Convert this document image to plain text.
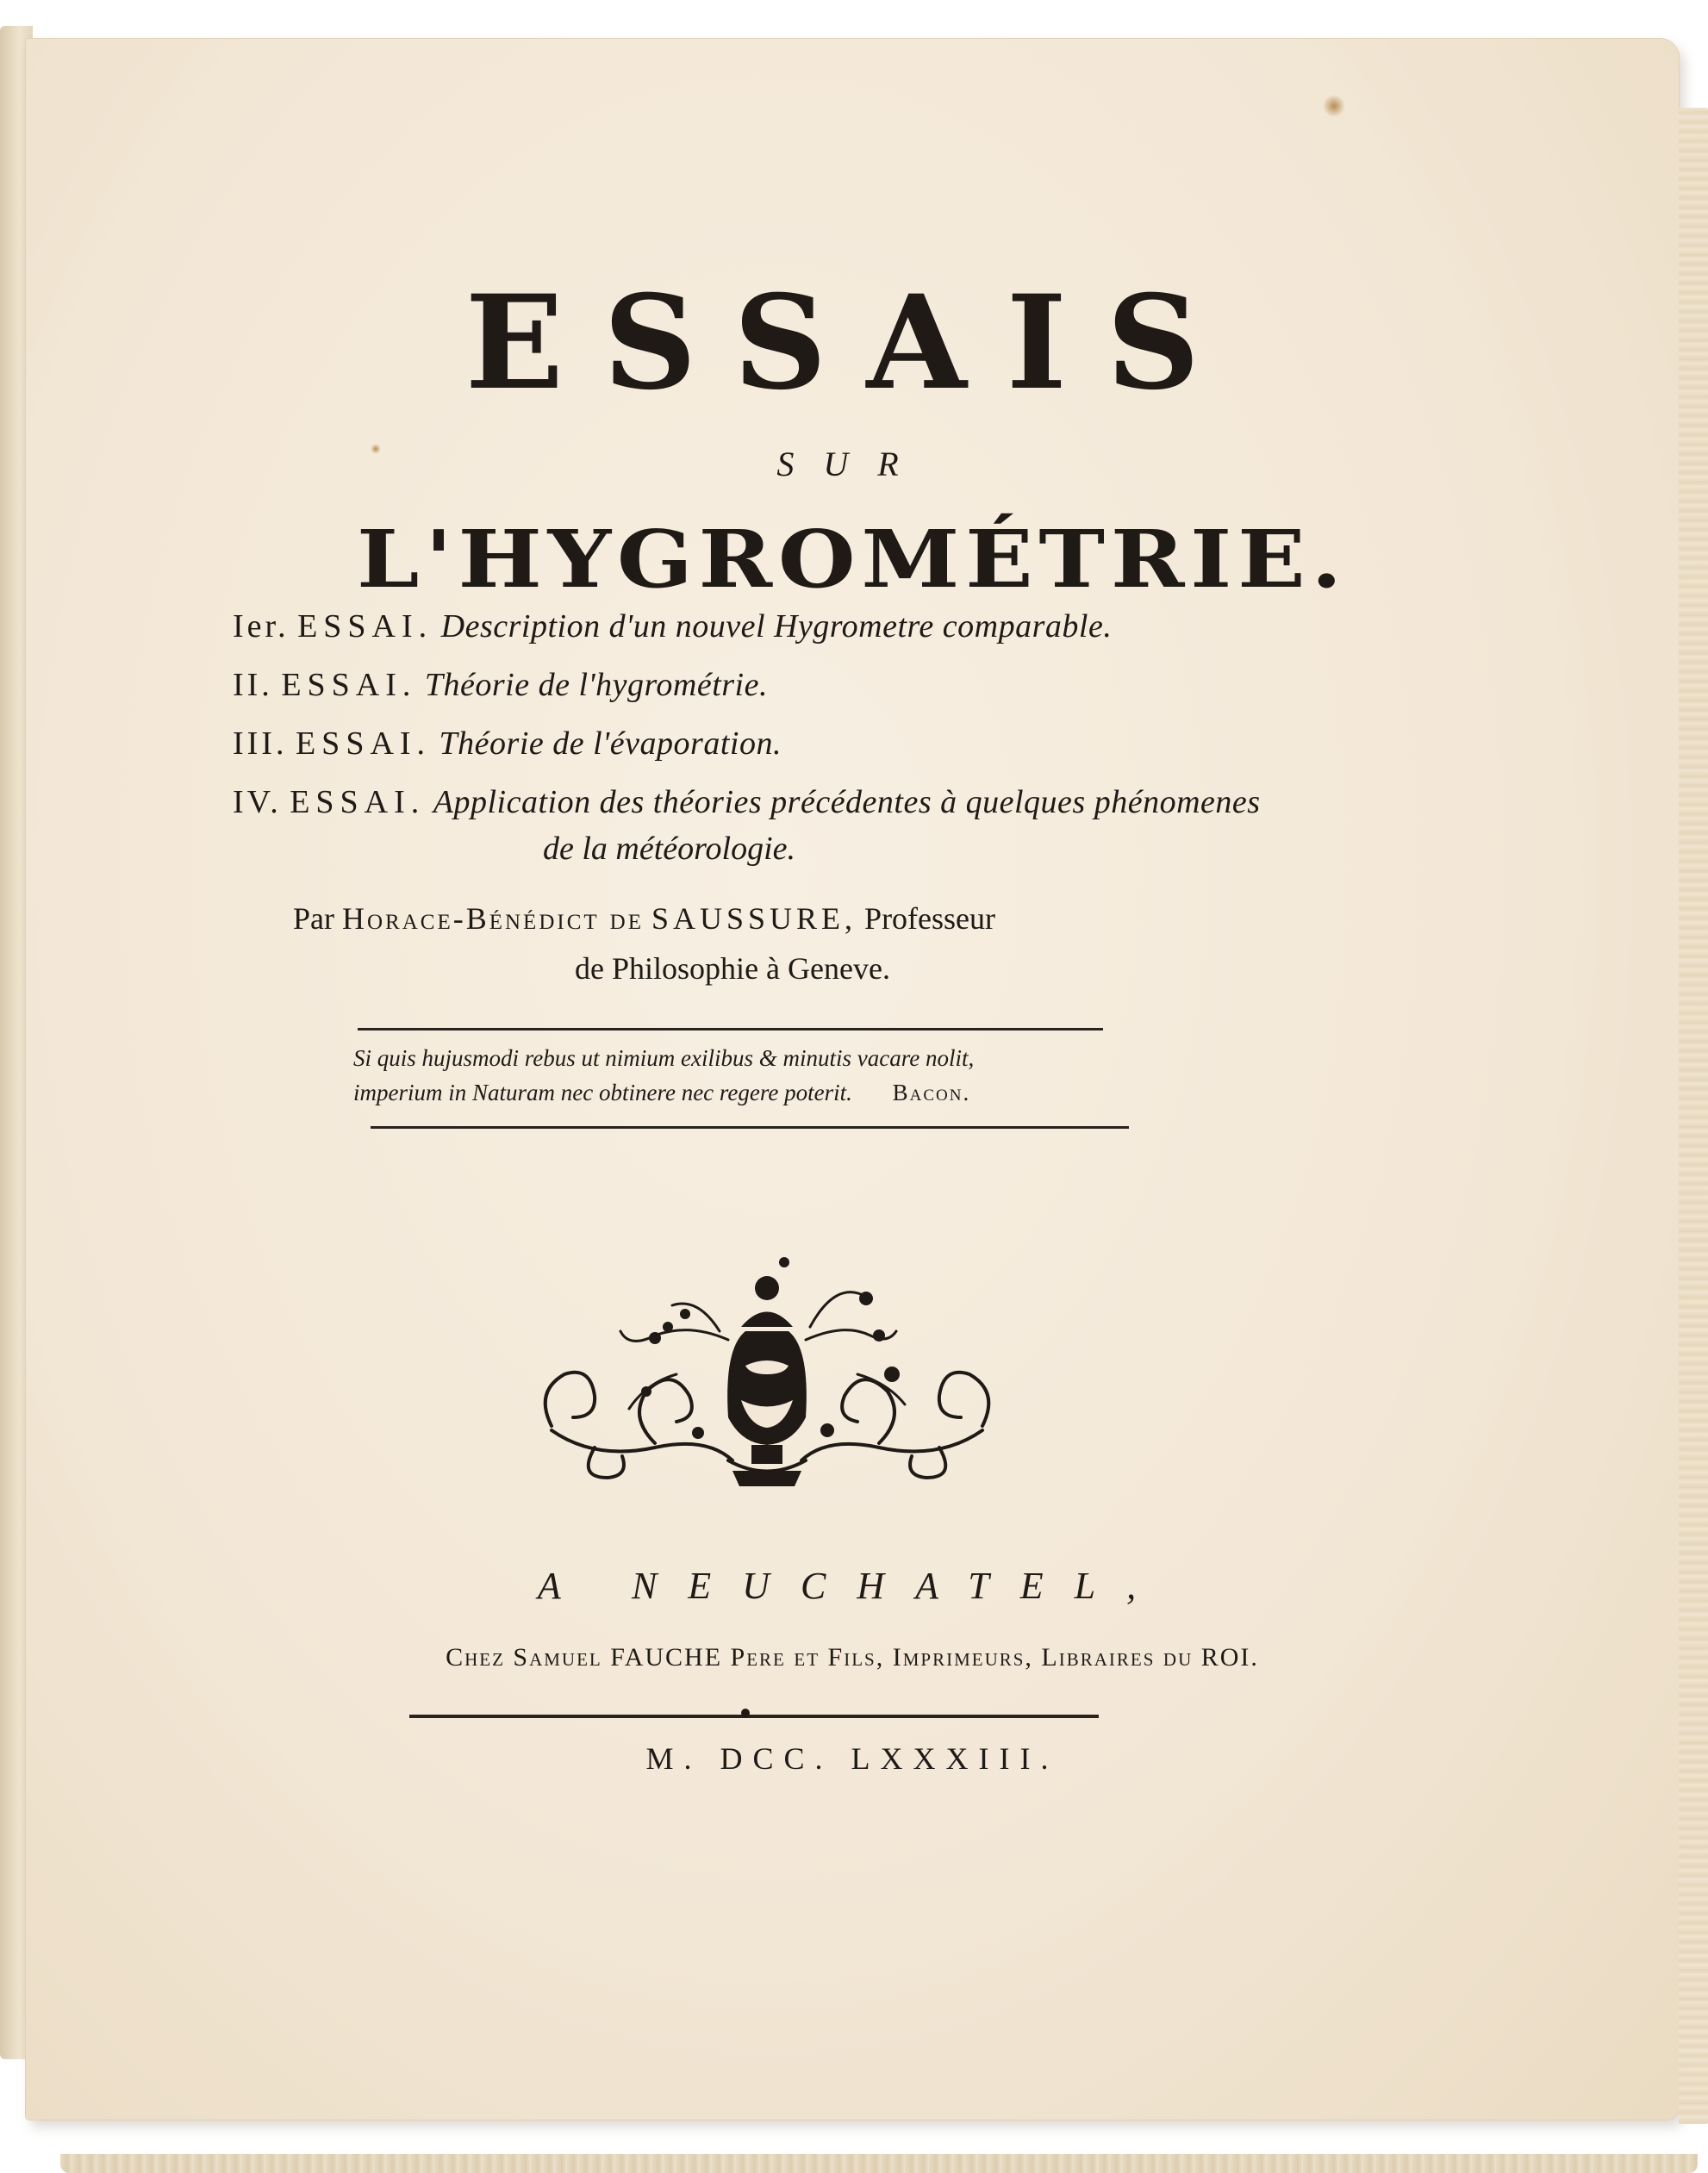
ESSAIS
SUR
L'HYGROMÉTRIE.
Ier. ESSAI. Description d'un nouvel Hygrometre comparable.
II. ESSAI. Théorie de l'hygrométrie.
III. ESSAI. Théorie de l'évaporation.
IV. ESSAI. Application des théories précédentes à quelques phénomenes
de la météorologie.
Par Horace-Bénédict de SAUSSURE, Professeur
de Philosophie à Geneve.
Si quis hujusmodi rebus ut nimium exilibus & minutis vacare nolit,
imperium in Naturam nec obtinere nec regere poterit. Bacon.
A NEUCHATEL,
Chez Samuel FAUCHE Pere et Fils, Imprimeurs, Libraires du ROI.
M. DCC. LXXXIII.
